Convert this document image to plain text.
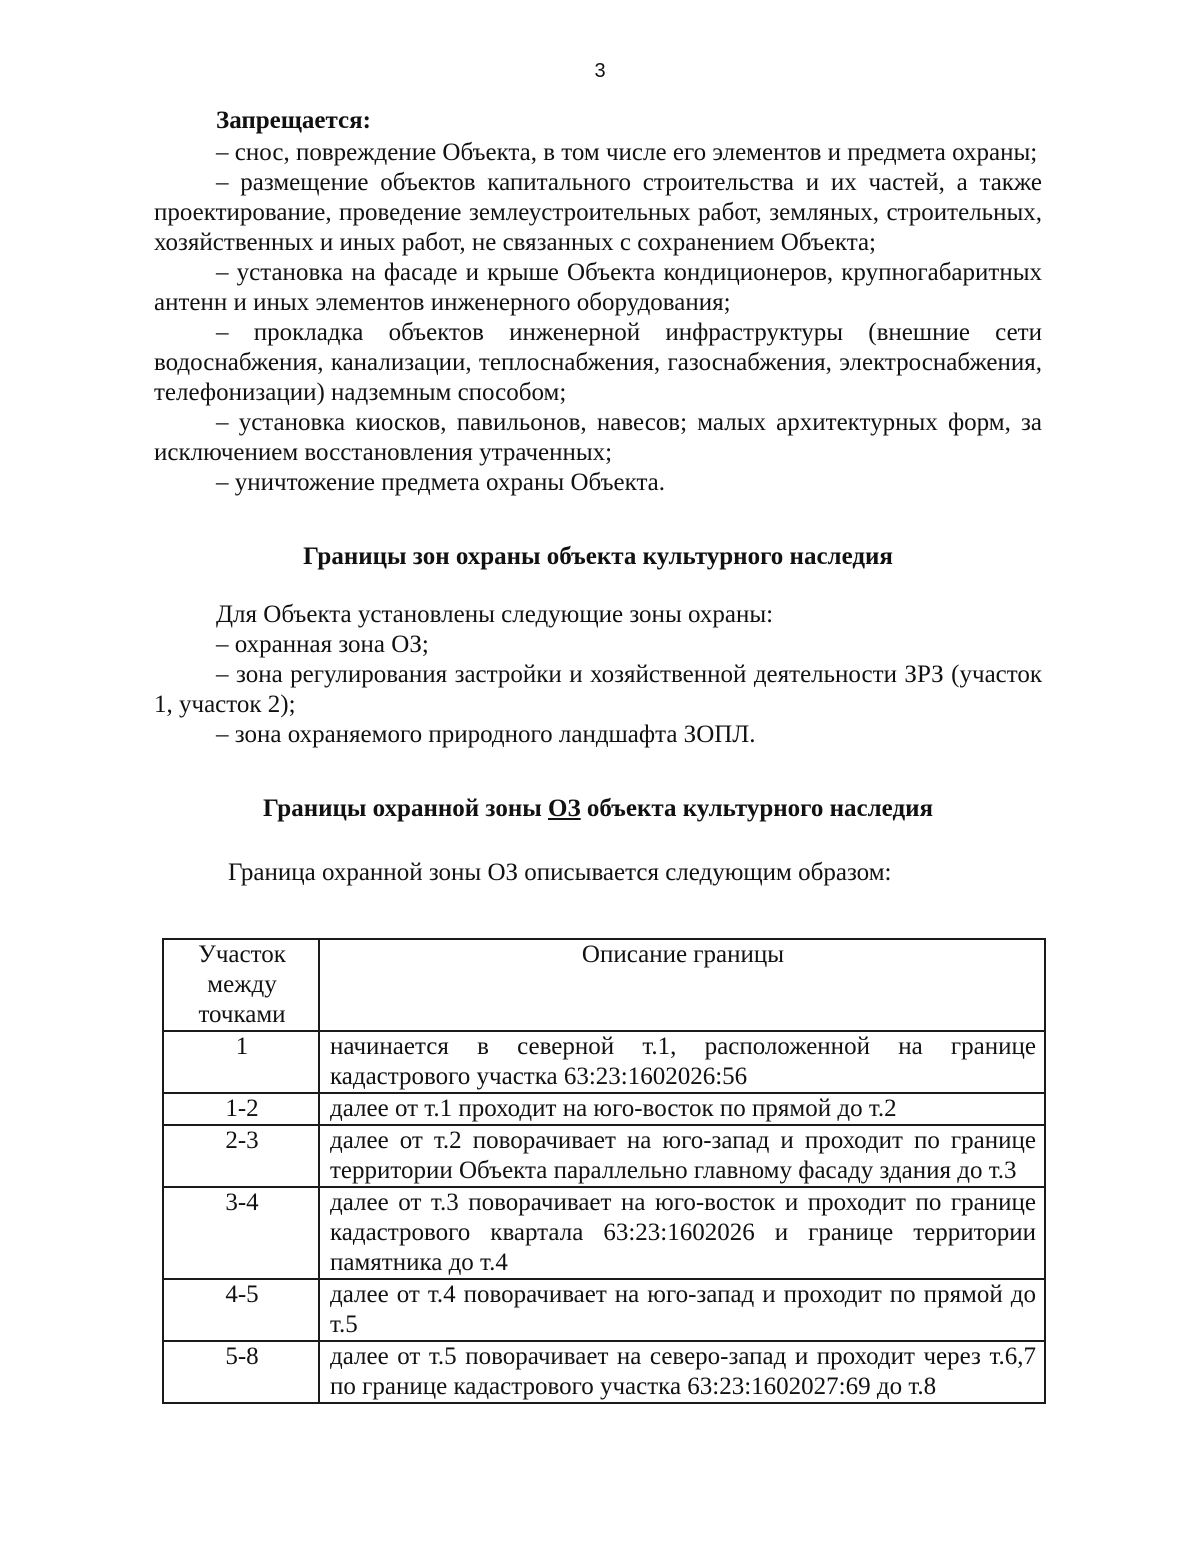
3

Запрещается:

– снос, повреждение Объекта, в том числе его элементов и предмета охраны;

– размещение объектов капитального строительства и их частей, а также проектирование, проведение землеустроительных работ, земляных, строительных, хозяйственных и иных работ, не связанных с сохранением Объекта;

– установка на фасаде и крыше Объекта кондиционеров, крупногабаритных антенн и иных элементов инженерного оборудования;

– прокладка объектов инженерной инфраструктуры (внешние сети водоснабжения, канализации, теплоснабжения, газоснабжения, электроснабжения, телефонизации) надземным способом;

– установка киосков, павильонов, навесов; малых архитектурных форм, за исключением восстановления утраченных;

– уничтожение предмета охраны Объекта.

Границы зон охраны объекта культурного наследия

Для Объекта установлены следующие зоны охраны:

– охранная зона ОЗ;

– зона регулирования застройки и хозяйственной деятельности ЗРЗ (участок 1, участок 2);

– зона охраняемого природного ландшафта ЗОПЛ.

Границы охранной зоны ОЗ объекта культурного наследия

Граница охранной зоны ОЗ описывается следующим образом:

Участок
между
точками	Описание границы
1	начинается в северной т.1, расположенной на границе кадастрового участка 63:23:1602026:56
1-2	далее от т.1 проходит на юго-восток по прямой до т.2
2-3	далее от т.2 поворачивает на юго-запад и проходит по границе территории Объекта параллельно главному фасаду здания до т.3
3-4	далее от т.3 поворачивает на юго-восток и проходит по границе кадастрового квартала 63:23:1602026 и границе территории памятника до т.4
4-5	далее от т.4 поворачивает на юго-запад и проходит по прямой до т.5
5-8	далее от т.5 поворачивает на северо-запад и проходит через т.6,7 по границе кадастрового участка 63:23:1602027:69 до т.8
